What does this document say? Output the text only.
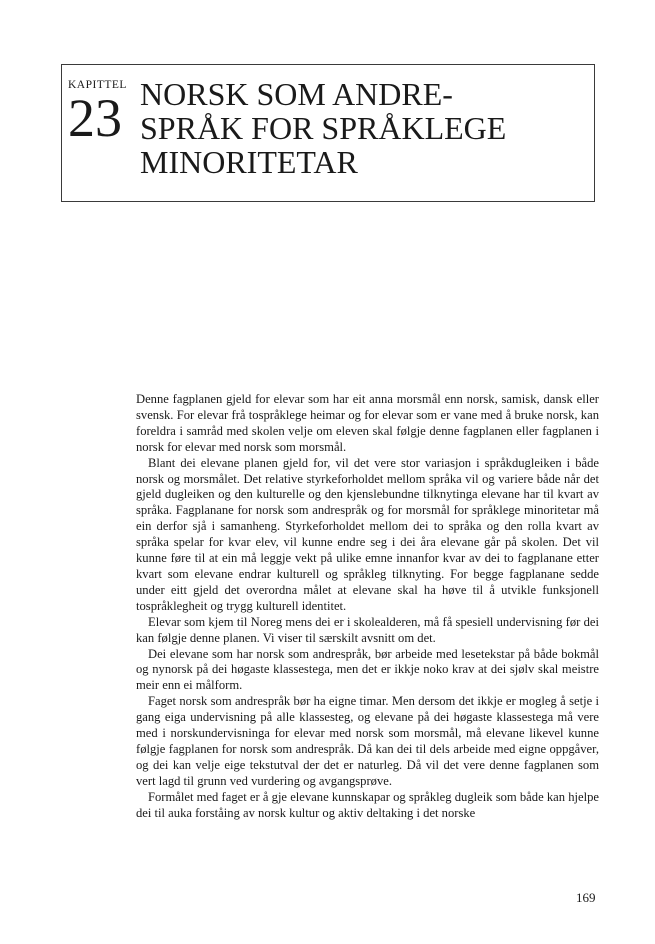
KAPITTEL
23 NORSK SOM ANDRE-
SPRÅK FOR SPRÅKLEGE
MINORITETAR

Denne fagplanen gjeld for elevar som har eit anna morsmål enn norsk, samisk, dansk eller svensk. For elevar frå tospråklege heimar og for elevar som er vane med å bruke norsk, kan foreldra i samråd med skolen velje om eleven skal følgje denne fagplanen eller fagplanen i norsk for elevar med norsk som morsmål.

Blant dei elevane planen gjeld for, vil det vere stor variasjon i språkdugleiken i både norsk og morsmålet. Det relative styrkeforholdet mellom språka vil og variere både når det gjeld dugleiken og den kulturelle og den kjenslebundne tilknytinga elevane har til kvart av språka. Fagplanane for norsk som andrespråk og for morsmål for språklege minoritetar må ein derfor sjå i samanheng. Styrkeforholdet mellom dei to språka og den rolla kvart av språka spelar for kvar elev, vil kunne endre seg i dei åra elevane går på skolen. Det vil kunne føre til at ein må leggje vekt på ulike emne innanfor kvar av dei to fagplanane etter kvart som elevane endrar kulturell og språkleg tilknyting. For begge fagplanane sedde under eitt gjeld det overordna målet at elevane skal ha høve til å utvikle funksjonell tospråklegheit og trygg kulturell identitet.

Elevar som kjem til Noreg mens dei er i skolealderen, må få spesiell undervisning før dei kan følgje denne planen. Vi viser til særskilt avsnitt om det.

Dei elevane som har norsk som andrespråk, bør arbeide med lesetekstar på både bokmål og nynorsk på dei høgaste klassestega, men det er ikkje noko krav at dei sjølv skal meistre meir enn ei målform.

Faget norsk som andrespråk bør ha eigne timar. Men dersom det ikkje er mogleg å setje i gang eiga undervisning på alle klassesteg, og elevane på dei høgaste klassestega må vere med i norskundervisninga for elevar med norsk som morsmål, må elevane likevel kunne følgje fagplanen for norsk som andrespråk. Då kan dei til dels arbeide med eigne oppgåver, og dei kan velje eige tekstutval der det er naturleg. Då vil det vere denne fagplanen som vert lagd til grunn ved vurdering og avgangsprøve.

Formålet med faget er å gje elevane kunnskapar og språkleg dugleik som både kan hjelpe dei til auka forståing av norsk kultur og aktiv deltaking i det norske

169
